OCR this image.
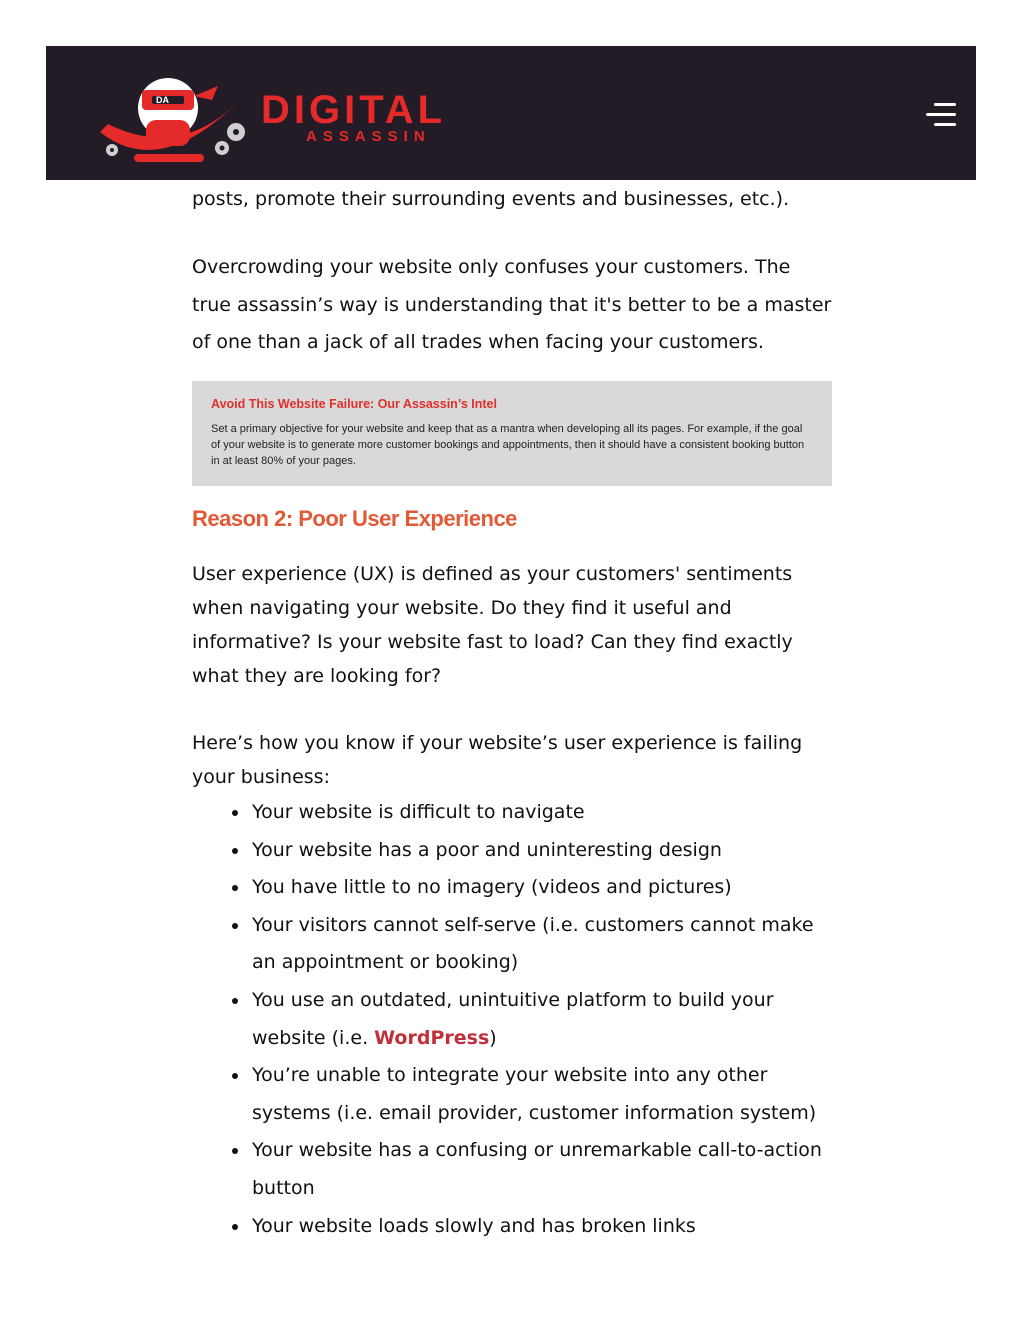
DA DIGITAL
ASSASSIN

posts, promote their surrounding events and businesses, etc.).

Overcrowding your website only confuses your customers. The true assassin’s way is understanding that it's better to be a master of one than a jack of all trades when facing your customers.

Avoid This Website Failure: Our Assassin’s Intel

Set a primary objective for your website and keep that as a mantra when developing all its pages. For example, if the goal of your website is to generate more customer bookings and appointments, then it should have a consistent booking button in at least 80% of your pages.

Reason 2: Poor User Experience

User experience (UX) is defined as your customers' sentiments when navigating your website. Do they find it useful and informative? Is your website fast to load? Can they find exactly what they are looking for?

Here’s how you know if your website’s user experience is failing your business:

Your website is difficult to navigate
Your website has a poor and uninteresting design
You have little to no imagery (videos and pictures)
Your visitors cannot self-serve (i.e. customers cannot make an appointment or booking)
You use an outdated, unintuitive platform to build your website (i.e. WordPress)
You’re unable to integrate your website into any other systems (i.e. email provider, customer information system)
Your website has a confusing or unremarkable call-to-action button
Your website loads slowly and has broken links
